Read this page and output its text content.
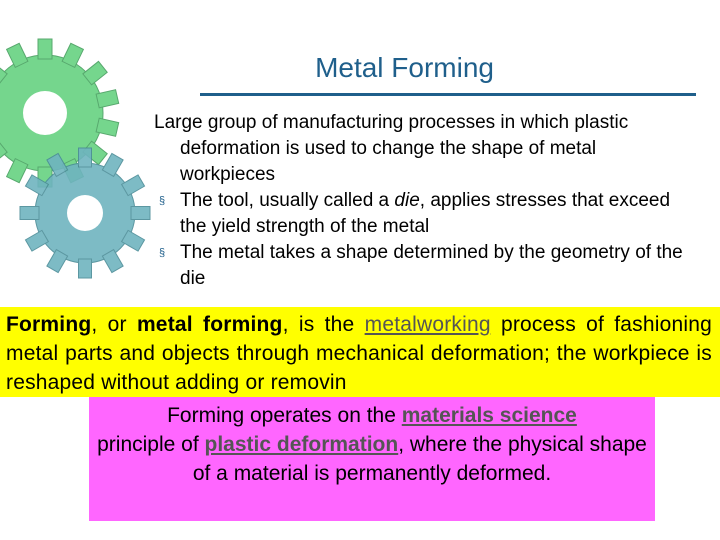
Metal Forming

Large group of manufacturing processes in which plastic deformation is used to change the shape of metal workpieces

§ The tool, usually called a die, applies stresses that exceed the yield strength of the metal

§ The metal takes a shape determined by the geometry of the die

Forming, or metal forming, is the metalworking process of fashioning metal parts and objects through mechanical deformation; the workpiece is reshaped without adding or removin
Forming operates on the materials science
principle of plastic deformation, where the physical shape of a material is permanently deformed.
